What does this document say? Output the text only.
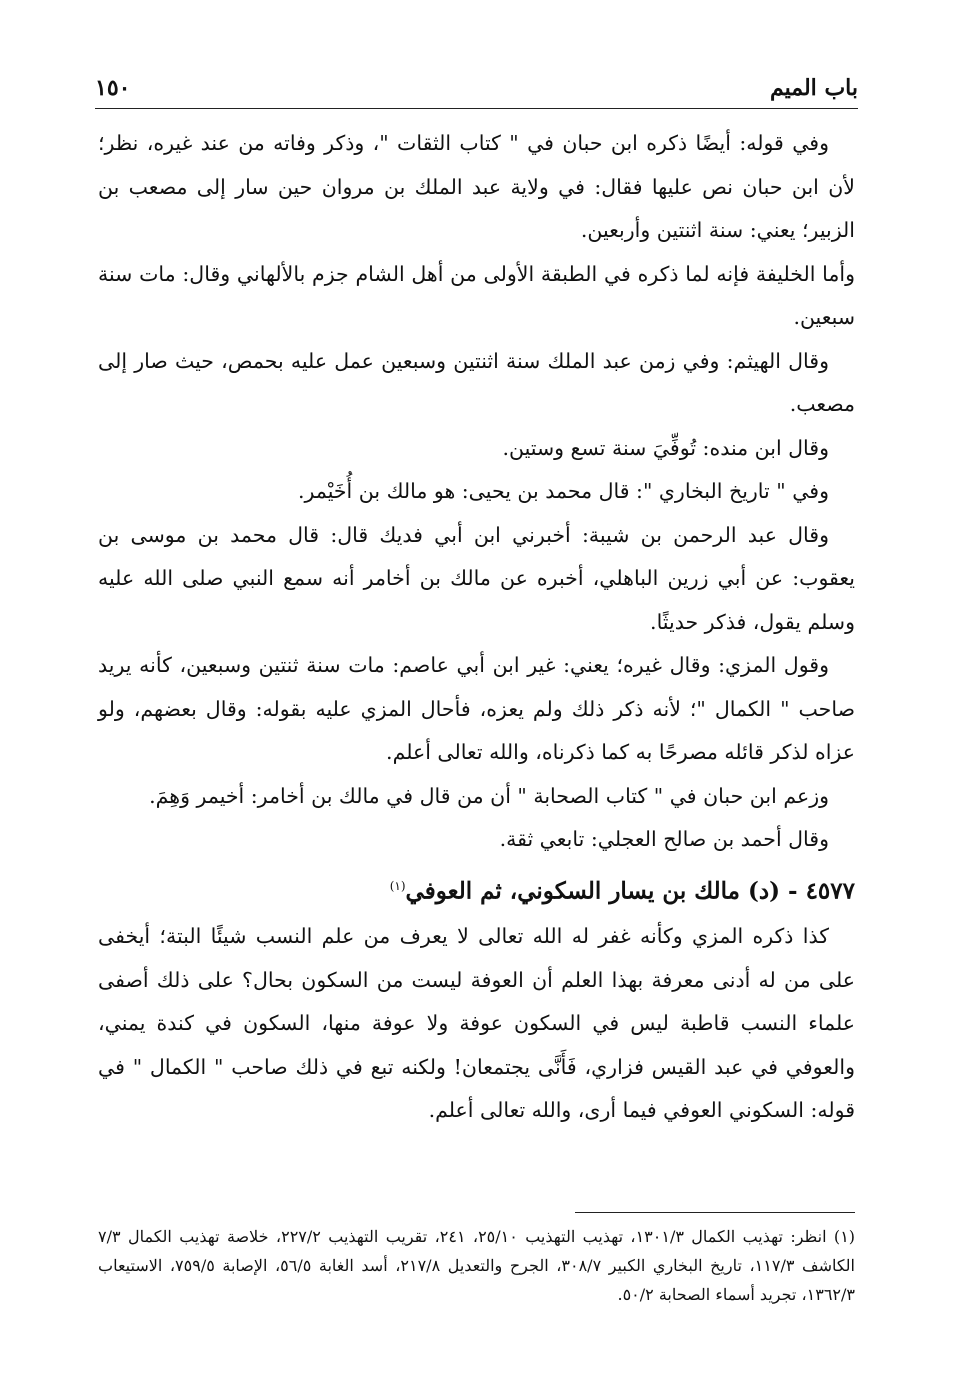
باب الميم
١٥٠

وفي قوله: أيضًا ذكره ابن حبان في " كتاب الثقات "، وذكر وفاته من عند غيره، نظر؛ لأن ابن حبان نص عليها فقال: في ولاية عبد الملك بن مروان حين سار إلى مصعب بن الزبير؛ يعني: سنة اثنتين وأربعين.

وأما الخليفة فإنه لما ذكره في الطبقة الأولى من أهل الشام جزم بالألهاني وقال: مات سنة سبعين.

وقال الهيثم: وفي زمن عبد الملك سنة اثنتين وسبعين عمل عليه بحمص، حيث صار إلى مصعب.

وقال ابن منده: تُوفِّيَ سنة تسع وستين.

وفي " تاريخ البخاري ": قال محمد بن يحيى: هو مالك بن أُخَيْمر.

وقال عبد الرحمن بن شيبة: أخبرني ابن أبي فديك قال: قال محمد بن موسى بن يعقوب: عن أبي زرين الباهلي، أخبره عن مالك بن أخامر أنه سمع النبي صلى الله عليه وسلم يقول، فذكر حديثًا.

وقول المزي: وقال غيره؛ يعني: غير ابن أبي عاصم: مات سنة ثنتين وسبعين، كأنه يريد صاحب " الكمال "؛ لأنه ذكر ذلك ولم يعزه، فأحال المزي عليه بقوله: وقال بعضهم، ولو عزاه لذكر قائله مصرحًا به كما ذكرناه، والله تعالى أعلم.

وزعم ابن حبان في " كتاب الصحابة " أن من قال في مالك بن أخامر: أخيمر وَهِمَ.

وقال أحمد بن صالح العجلي: تابعي ثقة.

٤٥٧٧ - (د) مالك بن يسار السكوني، ثم العوفي$^{(١)}$

كذا ذكره المزي وكأنه غفر له الله تعالى لا يعرف من علم النسب شيئًا البتة؛ أيخفى على من له أدنى معرفة بهذا العلم أن العوفة ليست من السكون بحال؟ على ذلك أصفى علماء النسب قاطبة ليس في السكون عوفة ولا عوفة منها، السكون في كندة يمني، والعوفي في عبد القيس فزاري، فَأَنَّى يجتمعان! ولكنه تبع في ذلك صاحب " الكمال " في قوله: السكوني العوفي فيما أرى، والله تعالى أعلم.

(١) انظر: تهذيب الكمال ١٣٠١/٣، تهذيب التهذيب ٢٥/١٠، ٢٤١، تقريب التهذيب ٢٢٧/٢، خلاصة تهذيب الكمال ٧/٣ الكاشف ١١٧/٣، تاريخ البخاري الكبير ٣٠٨/٧، الجرح والتعديل ٢١٧/٨، أسد الغابة ٥٦/٥، الإصابة ٧٥٩/٥، الاستيعاب ١٣٦٢/٣، تجريد أسماء الصحابة ٥٠/٢.
